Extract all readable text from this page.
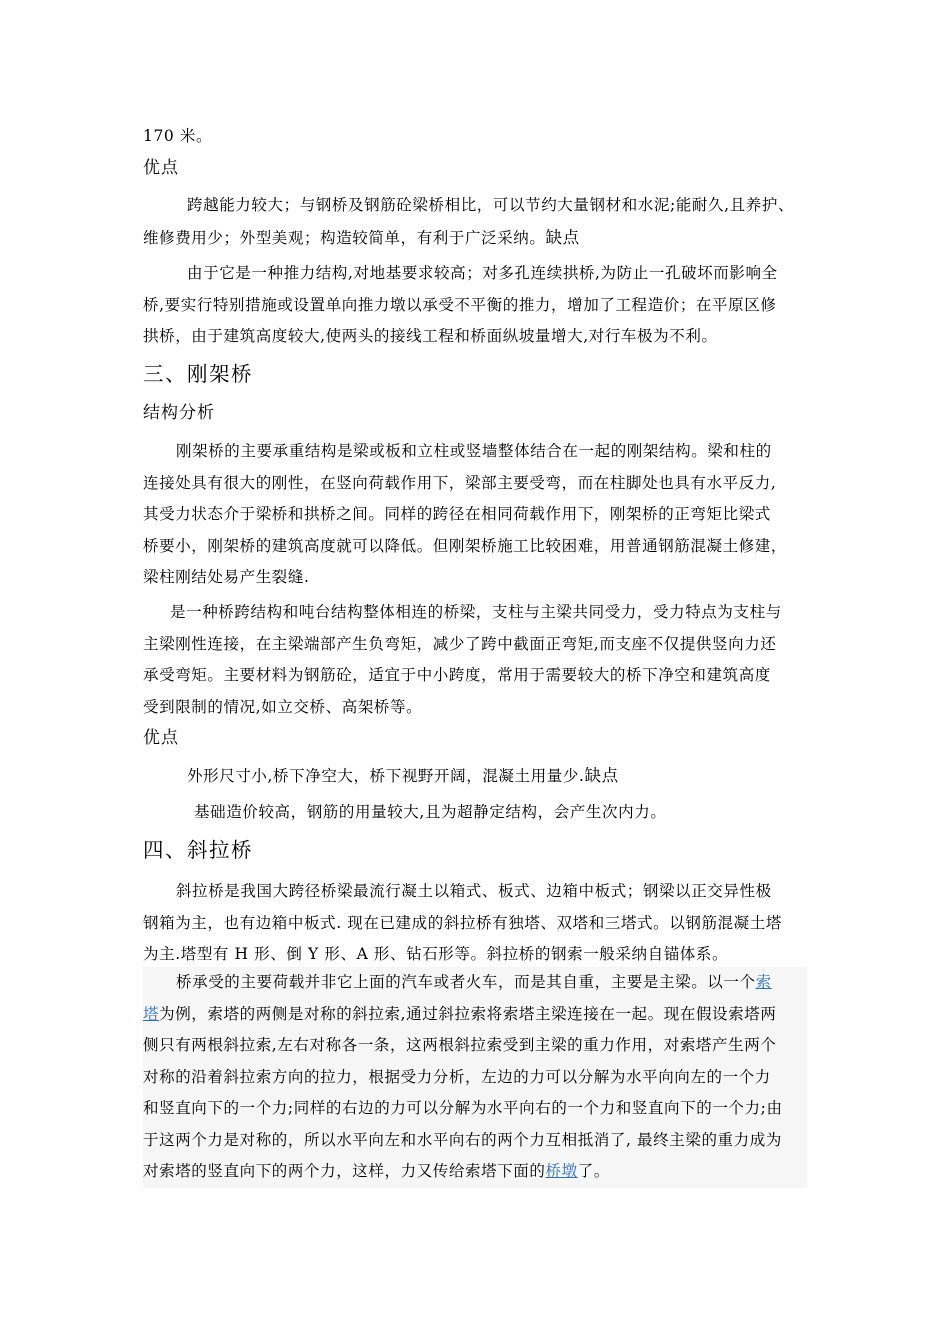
170 米。
优点
跨越能力较大；与钢桥及钢筋砼梁桥相比，可以节约大量钢材和水泥;能耐久,且养护、
维修费用少；外型美观；构造较简单，有利于广泛采纳。缺点
由于它是一种推力结构,对地基要求较高；对多孔连续拱桥,为防止一孔破坏而影响全
桥,要实行特别措施或设置单向推力墩以承受不平衡的推力，增加了工程造价；在平原区修
拱桥，由于建筑高度较大,使两头的接线工程和桥面纵坡量增大,对行车极为不利。
三、刚架桥
结构分析
刚架桥的主要承重结构是梁或板和立柱或竖墙整体结合在一起的刚架结构。梁和柱的
连接处具有很大的刚性，在竖向荷载作用下，梁部主要受弯，而在柱脚处也具有水平反力,
其受力状态介于梁桥和拱桥之间。同样的跨径在相同荷载作用下，刚架桥的正弯矩比梁式
桥要小，刚架桥的建筑高度就可以降低。但刚架桥施工比较困难，用普通钢筋混凝土修建，
梁柱刚结处易产生裂缝.
是一种桥跨结构和吨台结构整体相连的桥梁，支柱与主梁共同受力，受力特点为支柱与
主梁刚性连接，在主梁端部产生负弯矩，减少了跨中截面正弯矩,而支座不仅提供竖向力还
承受弯矩。主要材料为钢筋砼，适宜于中小跨度，常用于需要较大的桥下净空和建筑高度
受到限制的情况,如立交桥、高架桥等。
优点
外形尺寸小,桥下净空大，桥下视野开阔，混凝土用量少.缺点
基础造价较高，钢筋的用量较大,且为超静定结构，会产生次内力。
四、斜拉桥
斜拉桥是我国大跨径桥梁最流行凝土以箱式、板式、边箱中板式；钢梁以正交异性极
钢箱为主，也有边箱中板式. 现在已建成的斜拉桥有独塔、双塔和三塔式。以钢筋混凝土塔
为主.塔型有 H 形、倒 Y 形、A 形、钻石形等。斜拉桥的钢索一般采纳自锚体系。
桥承受的主要荷载并非它上面的汽车或者火车，而是其自重，主要是主梁。以一个索
塔为例，索塔的两侧是对称的斜拉索,通过斜拉索将索塔主梁连接在一起。现在假设索塔两
侧只有两根斜拉索,左右对称各一条，这两根斜拉索受到主梁的重力作用，对索塔产生两个
对称的沿着斜拉索方向的拉力，根据受力分析，左边的力可以分解为水平向向左的一个力
和竖直向下的一个力;同样的右边的力可以分解为水平向右的一个力和竖直向下的一个力;由
于这两个力是对称的，所以水平向左和水平向右的两个力互相抵消了, 最终主梁的重力成为
对索塔的竖直向下的两个力，这样，力又传给索塔下面的桥墩了。
